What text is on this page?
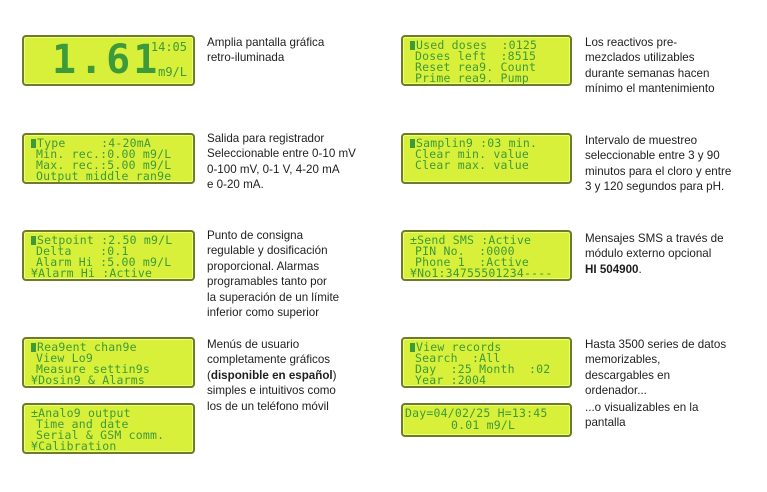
1.61
14:05
m9/L
Amplia pantalla gráfica
retro-iluminada
Type     :4-20mA
Min. rec.:0.00 m9/L
Max. rec.:5.00 m9/L
Output middle ran9e
Salida para registrador
Seleccionable entre 0-10 mV
0-100 mV, 0-1 V, 4-20 mA
e 0-20 mA.
Setpoint :2.50 m9/L
Delta    :0.1
Alarm Hi :5.00 m9/L
¥Alarm Hi :Active
Punto de consigna
regulable y dosificación
proporcional. Alarmas
programables tanto por
la superación de un límite
inferior como superior
Rea9ent chan9e
View Lo9
Measure settin9s
¥Dosin9 & Alarms
±Analo9 output
Time and date
Serial & GSM comm.
¥Calibration
Menús de usuario
completamente gráficos
(disponible en español)
simples e intuitivos como
los de un teléfono móvil
Used doses  :0125
Doses left  :8515
Reset rea9. Count
Prime rea9. Pump
Los reactivos pre-
mezclados utilizables
durante semanas hacen
mínimo el mantenimiento
Samplin9 :03 min.
Clear min. value
Clear max. value
Intervalo de muestreo
seleccionable entre 3 y 90
minutos para el cloro y entre
3 y 120 segundos para pH.
±Send SMS :Active
PIN No.  :0000
Phone 1  :Active
¥No1:34755501234----
Mensajes SMS a través de
módulo externo opcional
HI 504900.
View records
Search  :All
Day  :25 Month  :02
Year :2004
Hasta 3500 series de datos
memorizables,
descargables en
ordenador...
Day=04/02/25 H=13:45
0.01 m9/L
...o visualizables en la
pantalla
